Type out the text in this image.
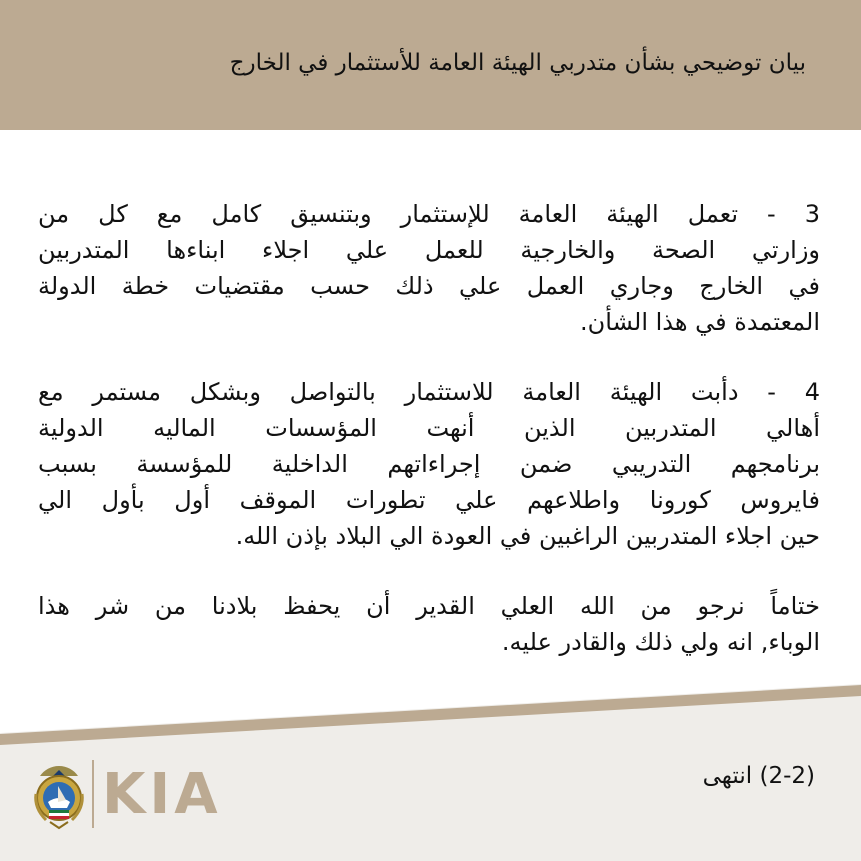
بيان توضيحي بشأن متدربي الهيئة العامة للأستثمار في الخارج
3 - تعمل الهيئة العامة للإستثمار وبتنسيق كامل مع كل من
وزارتي الصحة والخارجية للعمل علي اجلاء ابناءها المتدربين
في الخارج وجاري العمل علي ذلك حسب مقتضيات خطة الدولة
المعتمدة في هذا الشأن.
4 - دأبت الهيئة العامة للاستثمار بالتواصل وبشكل مستمر مع
أهالي المتدربين الذين أنهت المؤسسات الماليه الدولية
برنامجهم التدريبي ضمن إجراءاتهم الداخلية للمؤسسة بسبب
فايروس كورونا واطلاعهم علي تطورات الموقف أول بأول الي
حين اجلاء المتدربين الراغبين في العودة الي البلاد بإذن الله.
ختاماً نرجو من الله العلي القدير أن يحفظ بلادنا من شر هذا
الوباء, انه ولي ذلك والقادر عليه.
(2-2) انتهى
KIA
